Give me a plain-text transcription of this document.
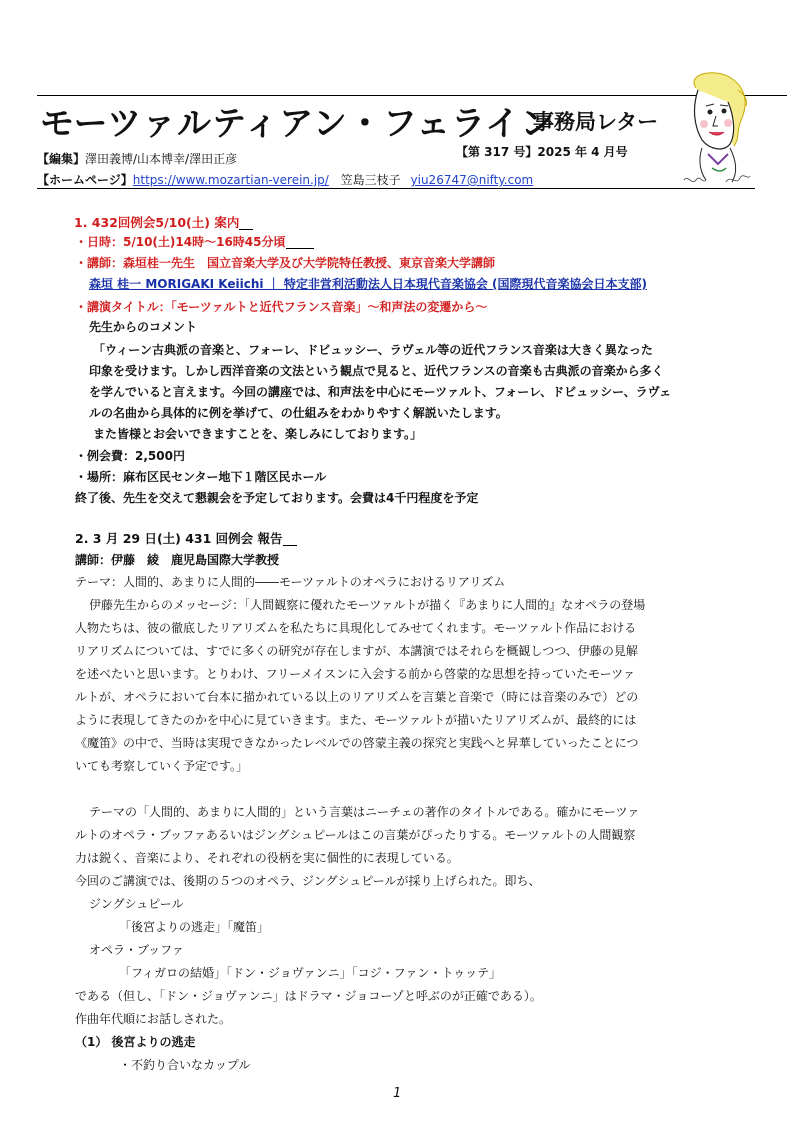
モーツァルティアン・フェライン
事務局レター
【編集】澤田義博/山本博幸/澤田正彦	【第 317 号】2025 年 4 月号
【ホームページ】https://www.mozartian-verein.jp/ 笠島三枝子 yiu26747@nifty.com
1. 432回例会5/10(土) 案内
・日時：5/10(土)14時～16時45分頃
・講師：森垣桂一先生　国立音楽大学及び大学院特任教授、東京音楽大学講師
森垣 桂一 MORIGAKI Keiichi ｜ 特定非営利活動法人日本現代音楽協会 (国際現代音楽協会日本支部)
・講演タイトル：「モーツァルトと近代フランス音楽」～和声法の変遷から～
先生からのコメント
「ウィーン古典派の音楽と、フォーレ、ドビュッシー、ラヴェル等の近代フランス音楽は大きく異なった
印象を受けます。しかし西洋音楽の文法という観点で見ると、近代フランスの音楽も古典派の音楽から多く
を学んでいると言えます。今回の講座では、和声法を中心にモーツァルト、フォーレ、ドビュッシー、ラヴェ
ルの名曲から具体的に例を挙げて、の仕組みをわかりやすく解説いたします。
また皆様とお会いできますことを、楽しみにしております。」
・例会費：2,500円
・場所：麻布区民センター地下１階区民ホール
終了後、先生を交えて懇親会を予定しております。会費は4千円程度を予定
2. 3 月 29 日(土) 431 回例会 報告
講師：伊藤　綾　鹿児島国際大学教授
テーマ：人間的、あまりに人間的――モーツァルトのオペラにおけるリアリズム
伊藤先生からのメッセージ：「人間観察に優れたモーツァルトが描く『あまりに人間的』なオペラの登場
人物たちは、彼の徹底したリアリズムを私たちに具現化してみせてくれます。モーツァルト作品における
リアリズムについては、すでに多くの研究が存在しますが、本講演ではそれらを概観しつつ、伊藤の見解
を述べたいと思います。とりわけ、フリーメイスンに入会する前から啓蒙的な思想を持っていたモーツァ
ルトが、オペラにおいて台本に描かれている以上のリアリズムを言葉と音楽で（時には音楽のみで）どの
ように表現してきたのかを中心に見ていきます。また、モーツァルトが描いたリアリズムが、最終的には
《魔笛》の中で、当時は実現できなかったレベルでの啓蒙主義の探究と実践へと昇華していったことにつ
いても考察していく予定です。」
テーマの「人間的、あまりに人間的」という言葉はニーチェの著作のタイトルである。確かにモーツァ
ルトのオペラ・ブッファあるいはジングシュピールはこの言葉がぴったりする。モーツァルトの人間観察
力は鋭く、音楽により、それぞれの役柄を実に個性的に表現している。
今回のご講演では、後期の５つのオペラ、ジングシュピールが採り上げられた。即ち、
ジングシュピール
「後宮よりの逃走」「魔笛」
オペラ・ブッファ
「フィガロの結婚」「ドン・ジョヴァンニ」「コジ・ファン・トゥッテ」
である（但し、「ドン・ジョヴァンニ」はドラマ・ジョコーゾと呼ぶのが正確である）。
作曲年代順にお話しされた。
（1） 後宮よりの逃走
・不釣り合いなカップル
1
